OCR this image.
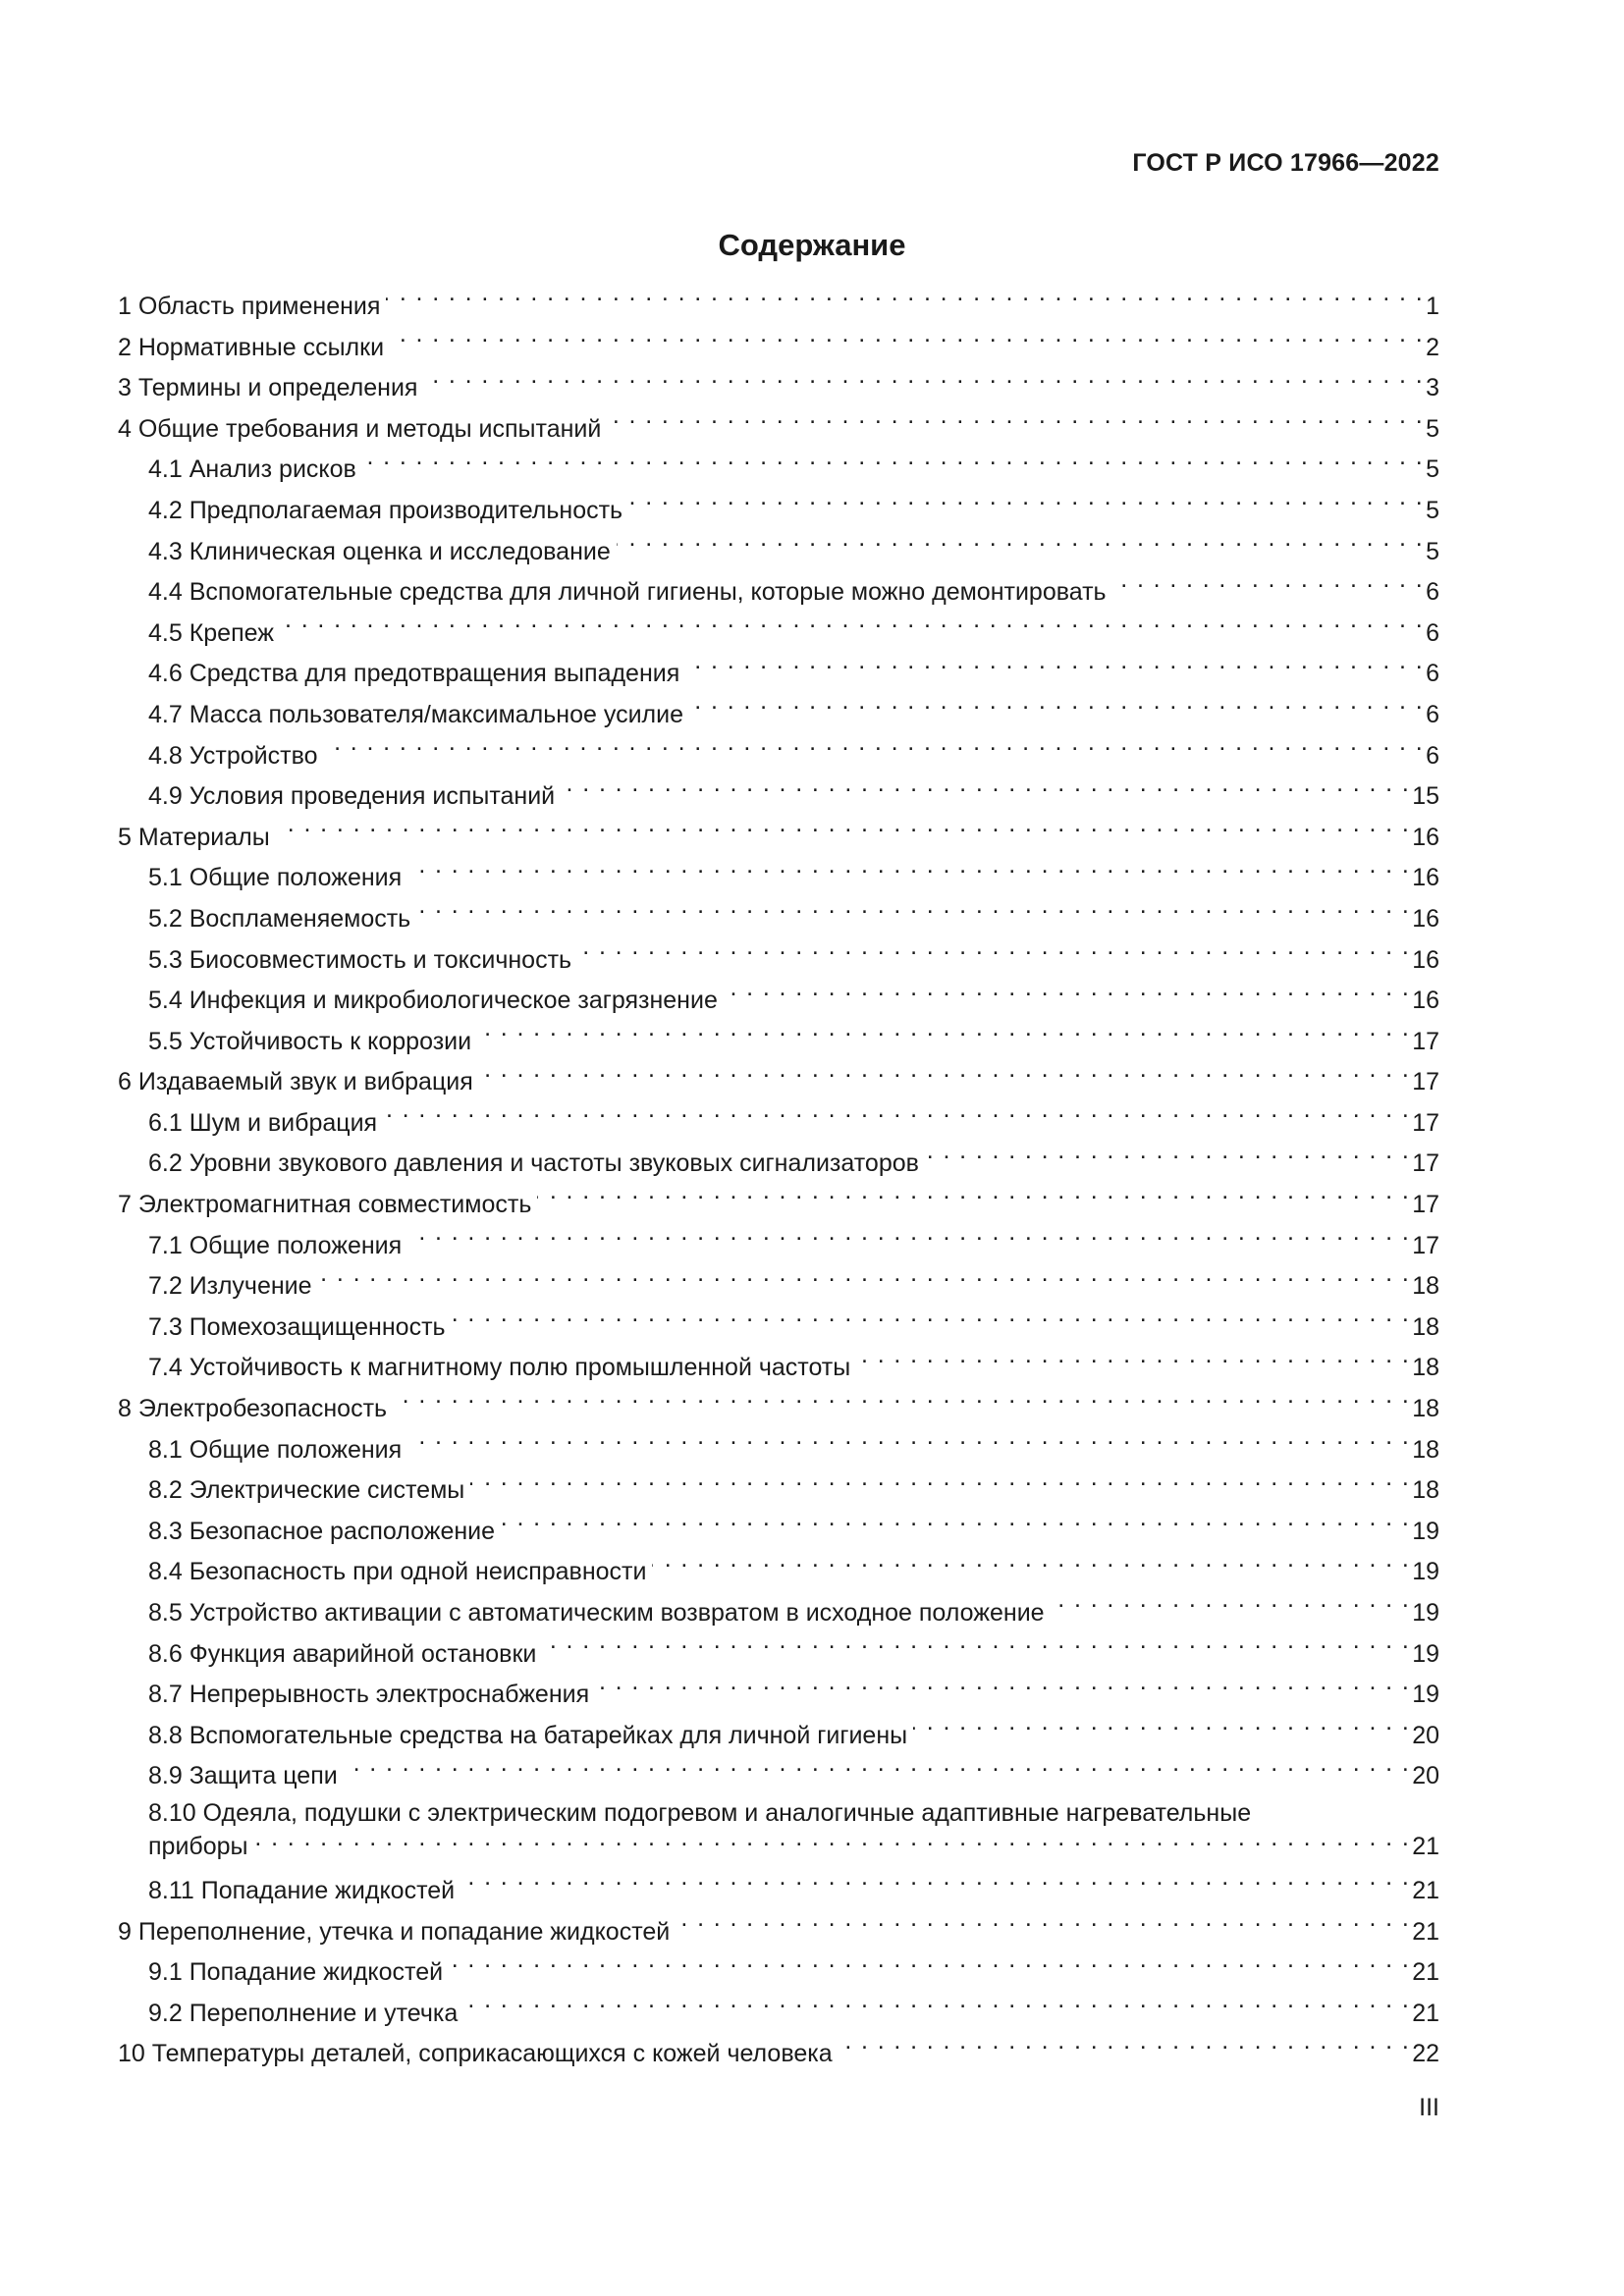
ГОСТ Р ИСО 17966—2022
Содержание
1 Область применения . . .	1
2 Нормативные ссылки . . .	2
3 Термины и определения . . .	3
4 Общие требования и методы испытаний . . .	5
4.1 Анализ рисков . . .	5
4.2 Предполагаемая производительность . . .	5
4.3 Клиническая оценка и исследование . . .	5
4.4 Вспомогательные средства для личной гигиены, которые можно демонтировать . . .	6
4.5 Крепеж . . .	6
4.6 Средства для предотвращения выпадения . . .	6
4.7 Масса пользователя/максимальное усилие . . .	6
4.8 Устройство . . .	6
4.9 Условия проведения испытаний . . .	15
5 Материалы . . .	16
5.1 Общие положения . . .	16
5.2 Воспламеняемость . . .	16
5.3 Биосовместимость и токсичность . . .	16
5.4 Инфекция и микробиологическое загрязнение . . .	16
5.5 Устойчивость к коррозии . . .	17
6 Издаваемый звук и вибрация . . .	17
6.1 Шум и вибрация . . .	17
6.2 Уровни звукового давления и частоты звуковых сигнализаторов . . .	17
7 Электромагнитная совместимость . . .	17
7.1 Общие положения . . .	17
7.2 Излучение . . .	18
7.3 Помехозащищенность . . .	18
7.4 Устойчивость к магнитному полю промышленной частоты . . .	18
8 Электробезопасность . . .	18
8.1 Общие положения . . .	18
8.2 Электрические системы . . .	18
8.3 Безопасное расположение . . .	19
8.4 Безопасность при одной неисправности . . .	19
8.5 Устройство активации с автоматическим возвратом в исходное положение . . .	19
8.6 Функция аварийной остановки . . .	19
8.7 Непрерывность электроснабжения . . .	19
8.8 Вспомогательные средства на батарейках для личной гигиены . . .	20
8.9 Защита цепи . . .	20
8.10 Одеяла, подушки с электрическим подогревом и аналогичные адаптивные нагревательные
приборы . . .	21
8.11 Попадание жидкостей . . .	21
9 Переполнение, утечка и попадание жидкостей . . .	21
9.1 Попадание жидкостей . . .	21
9.2 Переполнение и утечка . . .	21
10 Температуры деталей, соприкасающихся с кожей человека . . .	22
III
